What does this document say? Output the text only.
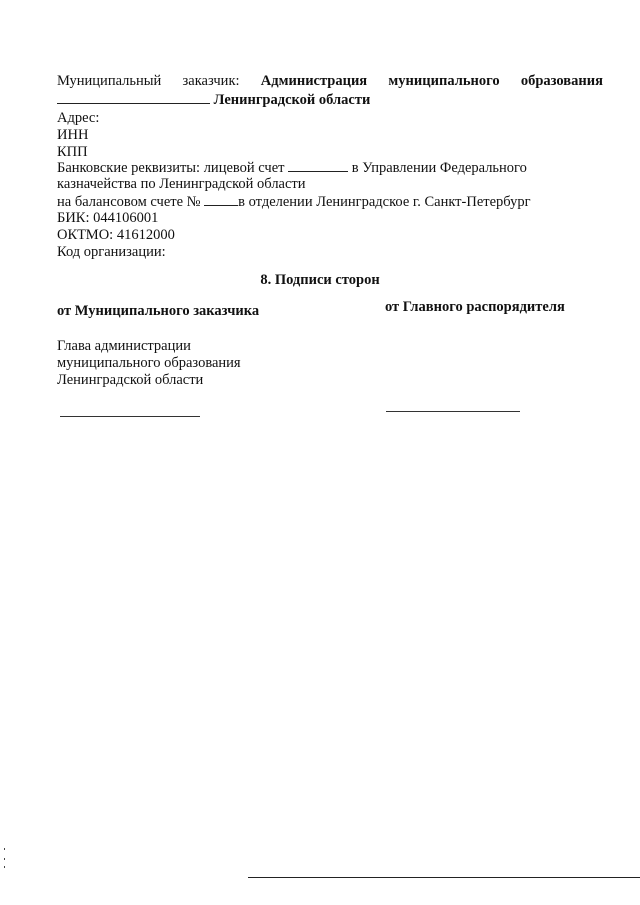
Муниципальный заказчик: Администрация муниципального образования
Ленинградской области
Адрес:
ИНН
КПП
Банковские реквизиты: лицевой счет	в Управлении Федерального
казначейства по Ленинградской области
на балансовом счете №	в отделении Ленинградское г. Санкт-Петербург
БИК: 044106001
ОКТМО: 41612000
Код организации:
8. Подписи сторон
от Муниципального заказчика	от Главного распорядителя
Глава администрации
муниципального образования
Ленинградской области
